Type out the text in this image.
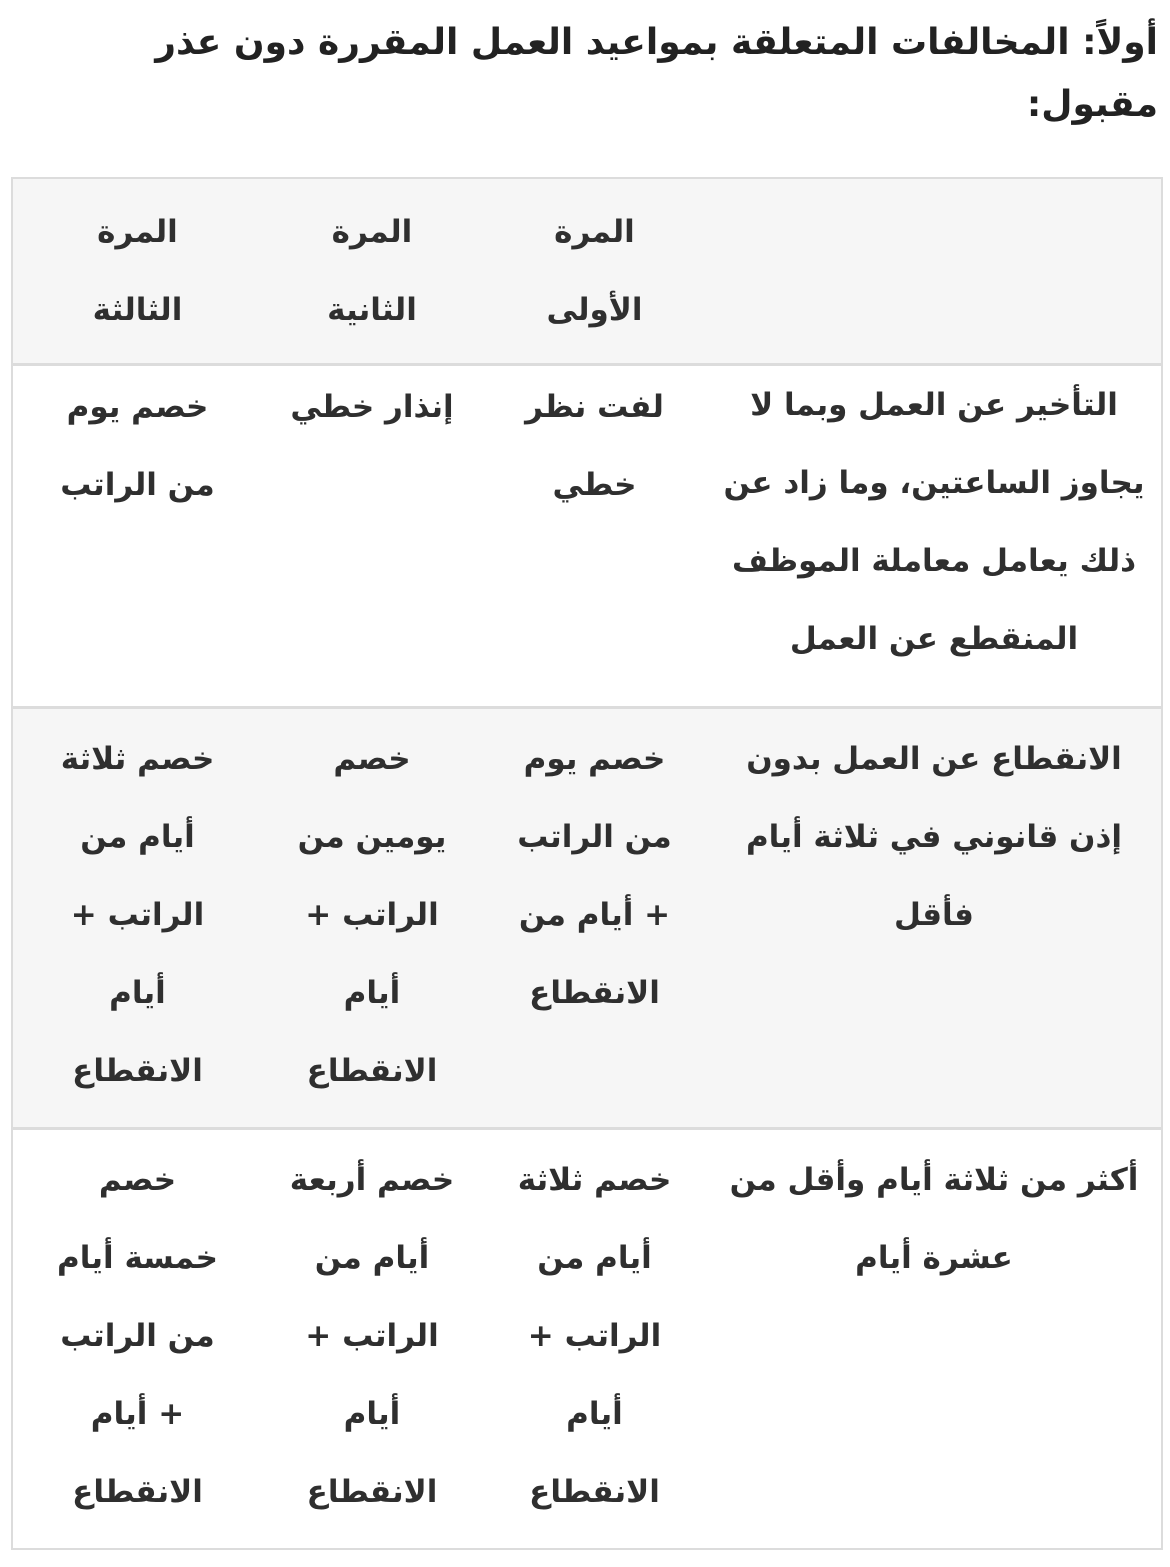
أولاً: المخالفات المتعلقة بمواعيد العمل المقررة دون عذر مقبول:

	المرة الأولى	المرة الثانية	المرة الثالثة

التأخير عن العمل وبما لا يجاوز الساعتين، وما زاد عن ذلك يعامل معاملة الموظف المنقطع عن العمل	لفت نظر خطي	إنذار خطي	خصم يوم من الراتب

الانقطاع عن العمل بدون إذن قانوني في ثلاثة أيام فأقل	خصم يوم من الراتب + أيام من الانقطاع	خصم يومين من الراتب + أيام الانقطاع	خصم ثلاثة أيام من الراتب + أيام الانقطاع

أكثر من ثلاثة أيام وأقل من عشرة أيام	خصم ثلاثة أيام من الراتب + أيام الانقطاع	خصم أربعة أيام من الراتب + أيام الانقطاع	خصم خمسة أيام من الراتب + أيام الانقطاع
